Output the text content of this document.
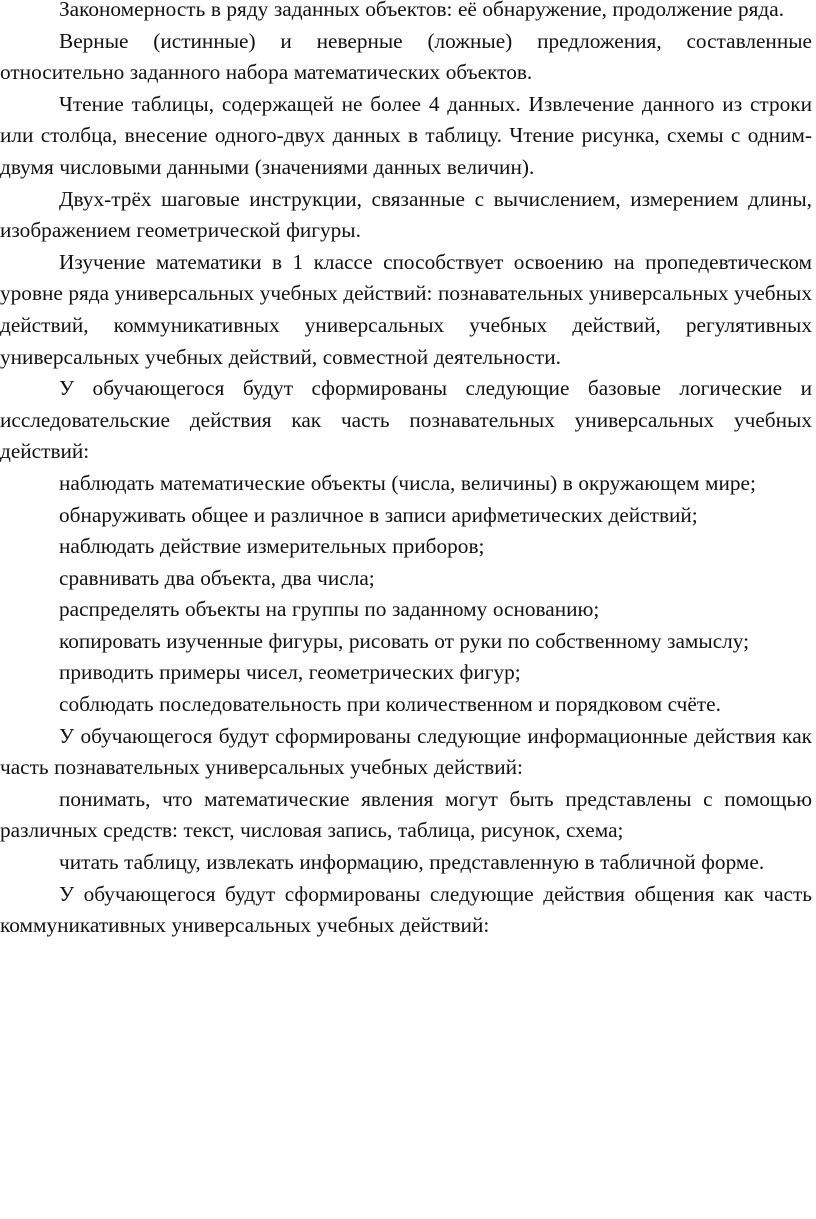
Закономерность в ряду заданных объектов: её обнаружение, продолжение ряда.

Верные (истинные) и неверные (ложные) предложения, составленные относительно заданного набора математических объектов.

Чтение таблицы, содержащей не более 4 данных. Извлечение данного из строки или столбца, внесение одного-двух данных в таблицу. Чтение рисунка, схемы с одним-двумя числовыми данными (значениями данных величин).

Двух-трёх шаговые инструкции, связанные с вычислением, измерением длины, изображением геометрической фигуры.

Изучение математики в 1 классе способствует освоению на пропедевтическом уровне ряда универсальных учебных действий: познавательных универсальных учебных действий, коммуникативных универсальных учебных действий, регулятивных универсальных учебных действий, совместной деятельности.

У обучающегося будут сформированы следующие базовые логические и исследовательские действия как часть познавательных универсальных учебных действий:

наблюдать математические объекты (числа, величины) в окружающем мире;

обнаруживать общее и различное в записи арифметических действий;

наблюдать действие измерительных приборов;

сравнивать два объекта, два числа;

распределять объекты на группы по заданному основанию;

копировать изученные фигуры, рисовать от руки по собственному замыслу;

приводить примеры чисел, геометрических фигур;

соблюдать последовательность при количественном и порядковом счёте.

У обучающегося будут сформированы следующие информационные действия как часть познавательных универсальных учебных действий:

понимать, что математические явления могут быть представлены с помощью различных средств: текст, числовая запись, таблица, рисунок, схема;

читать таблицу, извлекать информацию, представленную в табличной форме.

У обучающегося будут сформированы следующие действия общения как часть коммуникативных универсальных учебных действий:
